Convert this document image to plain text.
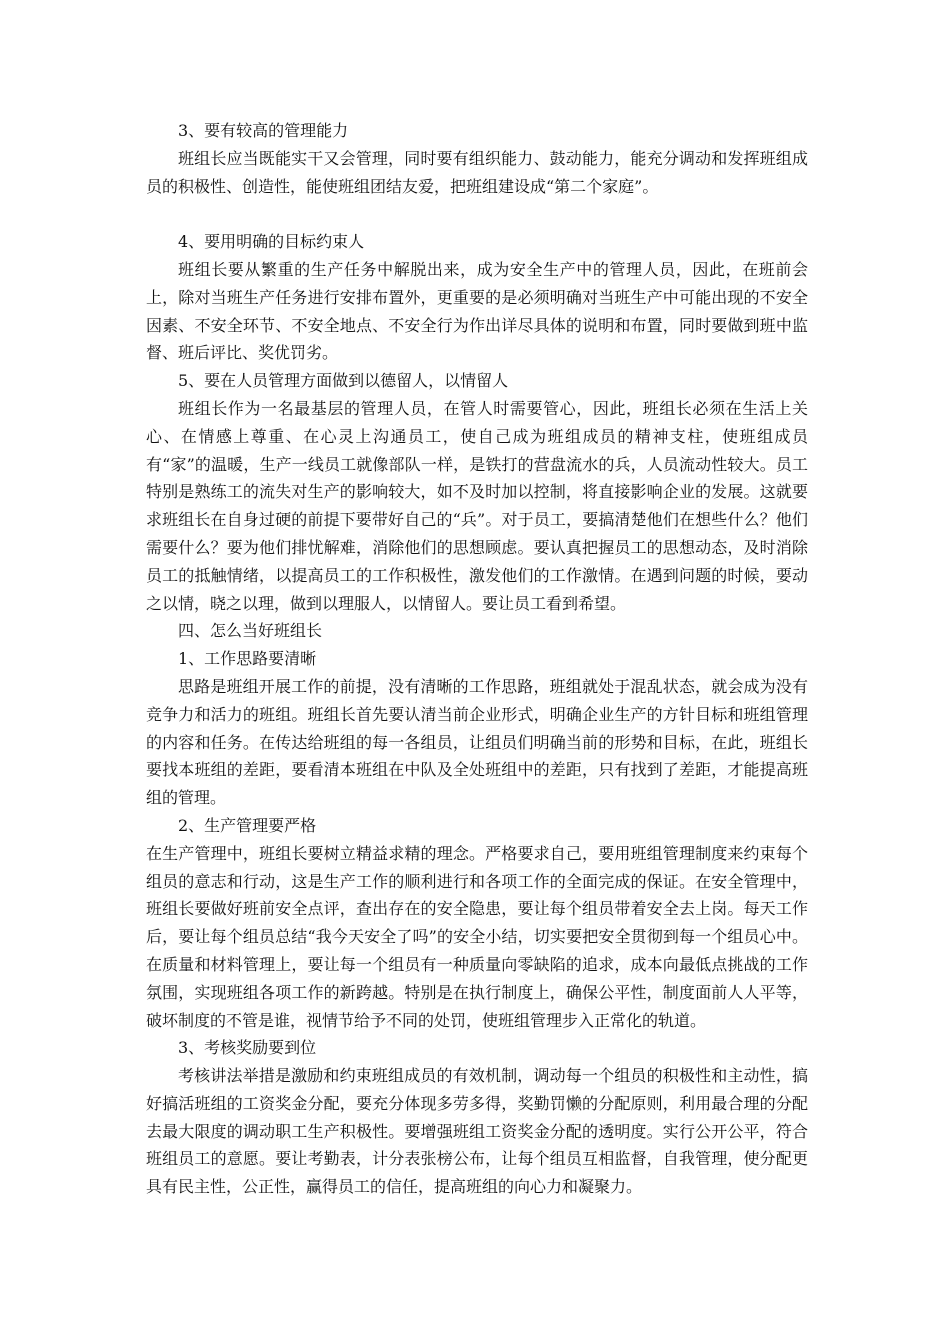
3、要有较高的管理能力

班组长应当既能实干又会管理，同时要有组织能力、鼓动能力，能充分调动和发挥班组成员的积极性、创造性，能使班组团结友爱，把班组建设成“第二个家庭”。

4、要用明确的目标约束人

班组长要从繁重的生产任务中解脱出来，成为安全生产中的管理人员，因此，在班前会上，除对当班生产任务进行安排布置外，更重要的是必须明确对当班生产中可能出现的不安全因素、不安全环节、不安全地点、不安全行为作出详尽具体的说明和布置，同时要做到班中监督、班后评比、奖优罚劣。

5、要在人员管理方面做到以德留人，以情留人

班组长作为一名最基层的管理人员，在管人时需要管心，因此，班组长必须在生活上关心、在情感上尊重、在心灵上沟通员工，使自己成为班组成员的精神支柱，使班组成员有“家”的温暖，生产一线员工就像部队一样，是铁打的营盘流水的兵，人员流动性较大。员工特别是熟练工的流失对生产的影响较大，如不及时加以控制，将直接影响企业的发展。这就要求班组长在自身过硬的前提下要带好自己的“兵”。对于员工，要搞清楚他们在想些什么？他们需要什么？要为他们排忧解难，消除他们的思想顾虑。要认真把握员工的思想动态，及时消除员工的抵触情绪，以提高员工的工作积极性，激发他们的工作激情。在遇到问题的时候，要动之以情，晓之以理，做到以理服人，以情留人。要让员工看到希望。

四、怎么当好班组长

1、工作思路要清晰

思路是班组开展工作的前提，没有清晰的工作思路，班组就处于混乱状态，就会成为没有竞争力和活力的班组。班组长首先要认清当前企业形式，明确企业生产的方针目标和班组管理的内容和任务。在传达给班组的每一各组员，让组员们明确当前的形势和目标，在此，班组长要找本班组的差距，要看清本班组在中队及全处班组中的差距，只有找到了差距，才能提高班组的管理。

2、生产管理要严格

在生产管理中，班组长要树立精益求精的理念。严格要求自己，要用班组管理制度来约束每个组员的意志和行动，这是生产工作的顺利进行和各项工作的全面完成的保证。在安全管理中，班组长要做好班前安全点评，查出存在的安全隐患，要让每个组员带着安全去上岗。每天工作后，要让每个组员总结“我今天安全了吗”的安全小结，切实要把安全贯彻到每一个组员心中。在质量和材料管理上，要让每一个组员有一种质量向零缺陷的追求，成本向最低点挑战的工作氛围，实现班组各项工作的新跨越。特别是在执行制度上，确保公平性，制度面前人人平等，破坏制度的不管是谁，视情节给予不同的处罚，使班组管理步入正常化的轨道。

3、考核奖励要到位

考核讲法举措是激励和约束班组成员的有效机制，调动每一个组员的积极性和主动性，搞好搞活班组的工资奖金分配，要充分体现多劳多得，奖勤罚懒的分配原则，利用最合理的分配去最大限度的调动职工生产积极性。要增强班组工资奖金分配的透明度。实行公开公平，符合班组员工的意愿。要让考勤表，计分表张榜公布，让每个组员互相监督，自我管理，使分配更具有民主性，公正性，赢得员工的信任，提高班组的向心力和凝聚力。
